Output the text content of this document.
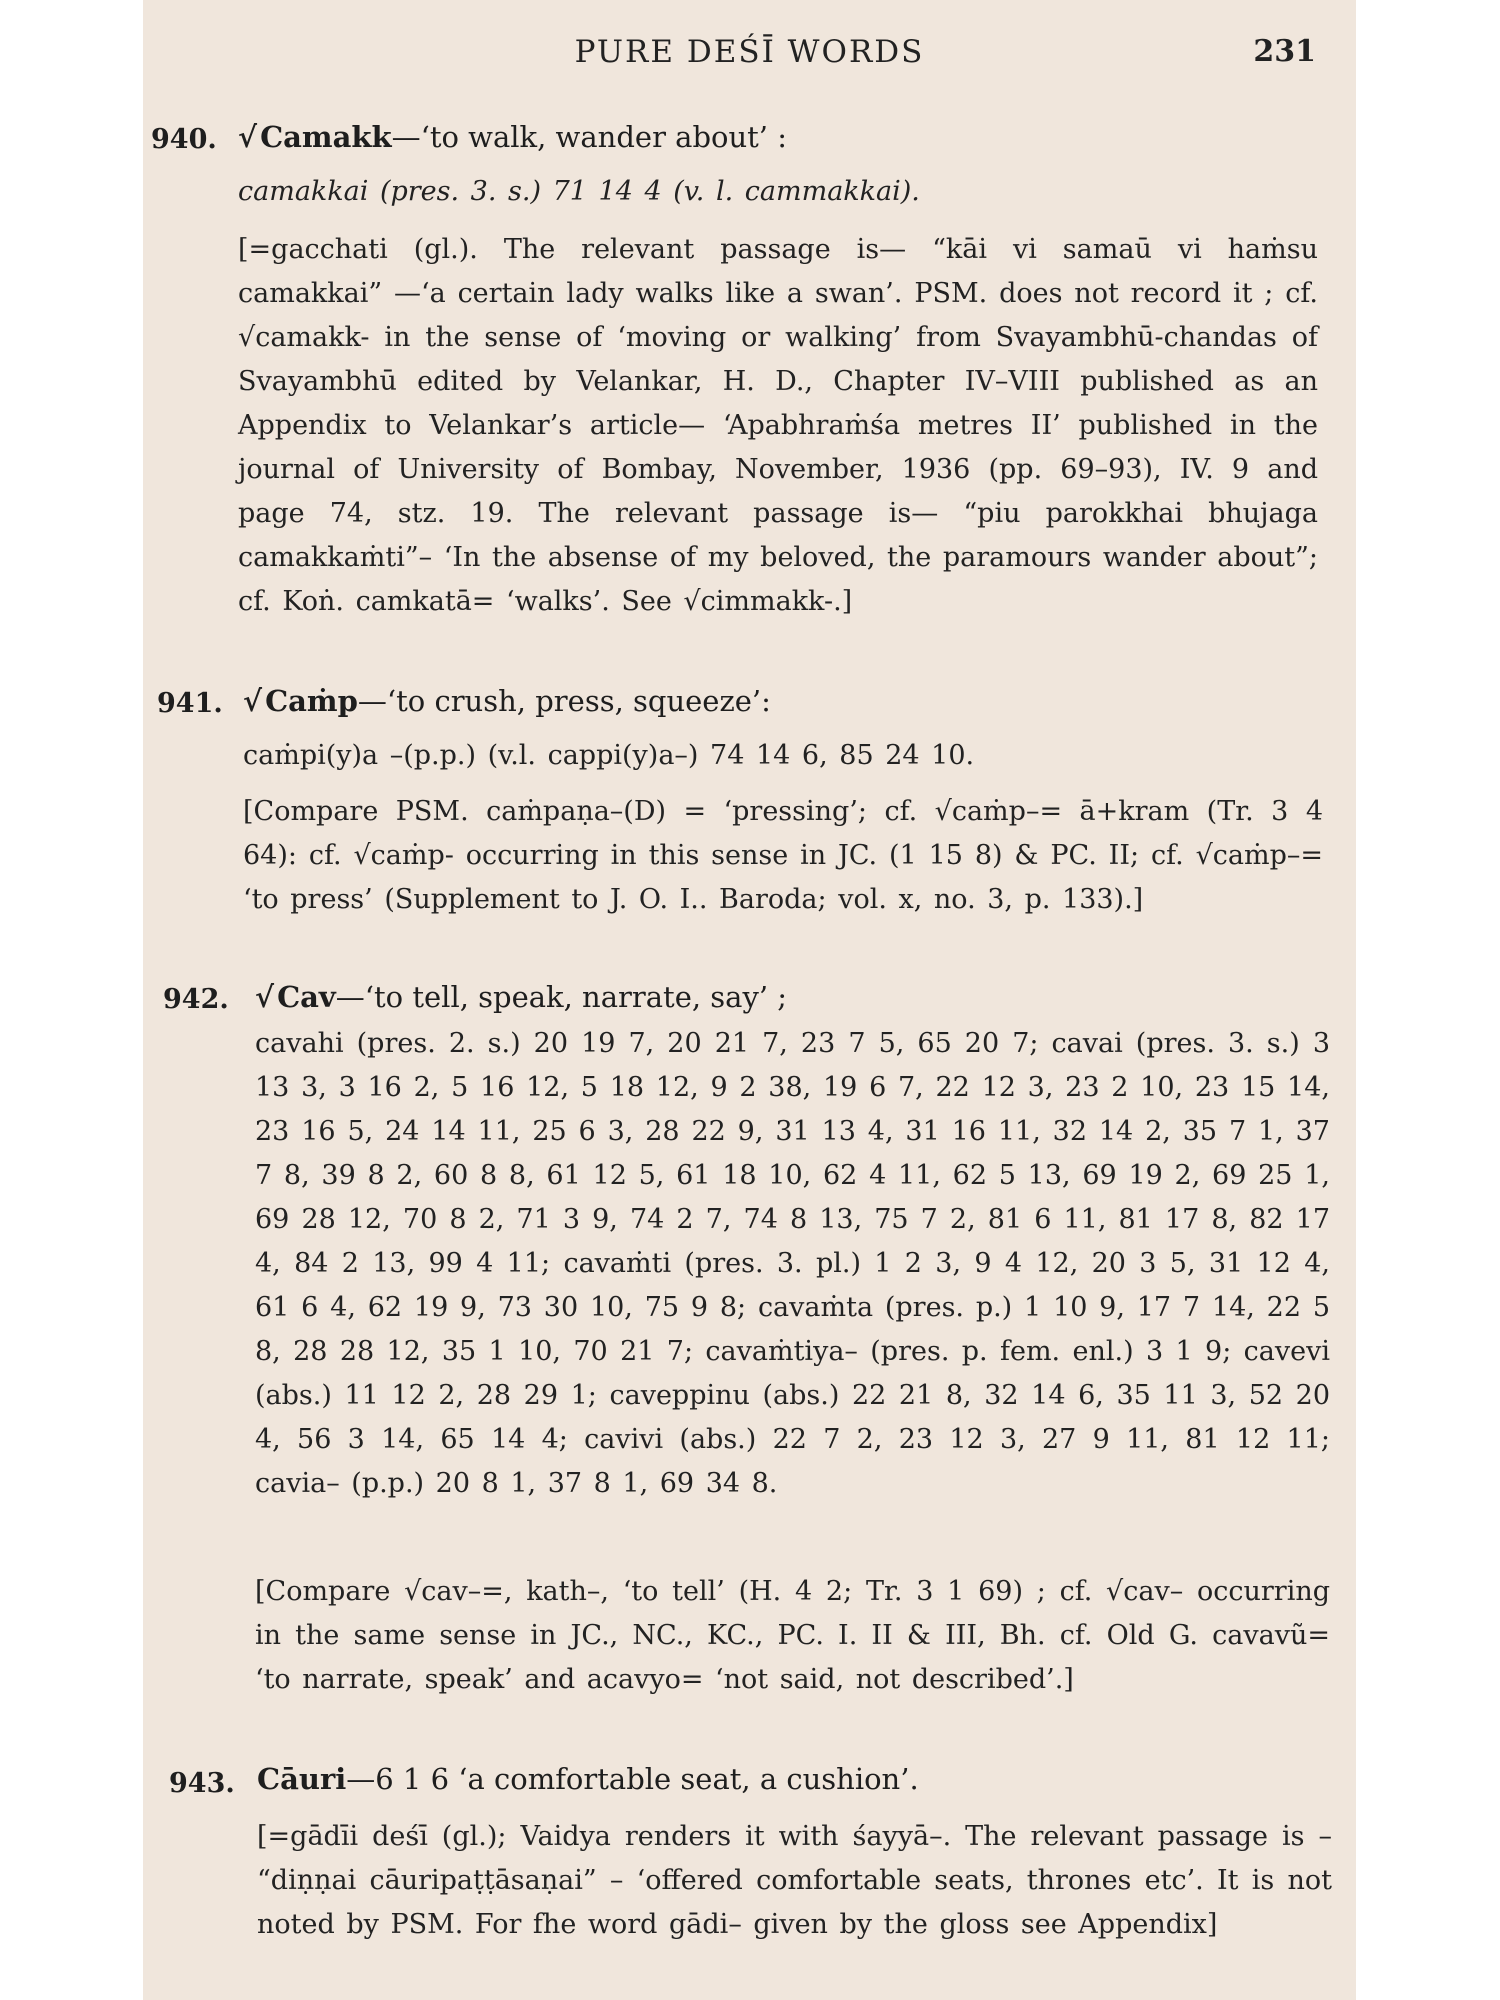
PURE DEŚĪ WORDS	231
940. √ Camakk—‘to walk, wander about’ :
camakkai (pres. 3. s.) 71 14 4 (v. l. cammakkai).
[=gacchati (gl.). The relevant passage is— “kāi vi samaū vi haṁsu camakkai” —‘a certain lady walks like a swan’. PSM. does not record it ; cf. √camakk- in the sense of ‘moving or walking’ from Svayambhū-chandas of Svayambhū edited by Velankar, H. D., Chapter IV–VIII published as an Appendix to Velankar’s article— ‘Apabhraṁśa metres II’ published in the journal of University of Bombay, November, 1936 (pp. 69–93), IV. 9 and page 74, stz. 19. The relevant passage is— “piu parokkhai bhujaga camakkaṁti”– ‘In the absense of my beloved, the paramours wander about”; cf. Koṅ. camkatā= ‘walks’. See √cimmakk-.]
941. √ Caṁp—‘to crush, press, squeeze’:
caṁpi(y)a –(p.p.) (v.l. cappi(y)a–) 74 14 6, 85 24 10.
[Compare PSM. caṁpaṇa–(D) = ‘pressing’; cf. √caṁp–= ā+kram (Tr. 3 4 64): cf. √caṁp- occurring in this sense in JC. (1 15 8) & PC. II; cf. √caṁp–= ‘to press’ (Supplement to J. O. I.. Baroda; vol. x, no. 3, p. 133).]
942. √ Cav—‘to tell, speak, narrate, say’ ;
cavahi (pres. 2. s.) 20 19 7, 20 21 7, 23 7 5, 65 20 7; cavai (pres. 3. s.) 3 13 3, 3 16 2, 5 16 12, 5 18 12, 9 2 38, 19 6 7, 22 12 3, 23 2 10, 23 15 14, 23 16 5, 24 14 11, 25 6 3, 28 22 9, 31 13 4, 31 16 11, 32 14 2, 35 7 1, 37 7 8, 39 8 2, 60 8 8, 61 12 5, 61 18 10, 62 4 11, 62 5 13, 69 19 2, 69 25 1, 69 28 12, 70 8 2, 71 3 9, 74 2 7, 74 8 13, 75 7 2, 81 6 11, 81 17 8, 82 17 4, 84 2 13, 99 4 11; cavaṁti (pres. 3. pl.) 1 2 3, 9 4 12, 20 3 5, 31 12 4, 61 6 4, 62 19 9, 73 30 10, 75 9 8; cavaṁta (pres. p.) 1 10 9, 17 7 14, 22 5 8, 28 28 12, 35 1 10, 70 21 7; cavaṁtiya– (pres. p. fem. enl.) 3 1 9; cavevi (abs.) 11 12 2, 28 29 1; caveppinu (abs.) 22 21 8, 32 14 6, 35 11 3, 52 20 4, 56 3 14, 65 14 4; cavivi (abs.) 22 7 2, 23 12 3, 27 9 11, 81 12 11; cavia– (p.p.) 20 8 1, 37 8 1, 69 34 8.
[Compare √cav–=, kath–, ‘to tell’ (H. 4 2; Tr. 3 1 69) ; cf. √cav– occurring in the same sense in JC., NC., KC., PC. I. II & III, Bh. cf. Old G. cavavũ= ‘to narrate, speak’ and acavyo= ‘not said, not described’.]
943. Cāuri—6 1 6 ‘a comfortable seat, a cushion’.
[=gādīi deśī (gl.); Vaidya renders it with śayyā–. The relevant passage is – “diṇṇai cāuripaṭṭāsaṇai” – ‘offered comfortable seats, thrones etc’. It is not noted by PSM. For fhe word gādi– given by the gloss see Appendix]
